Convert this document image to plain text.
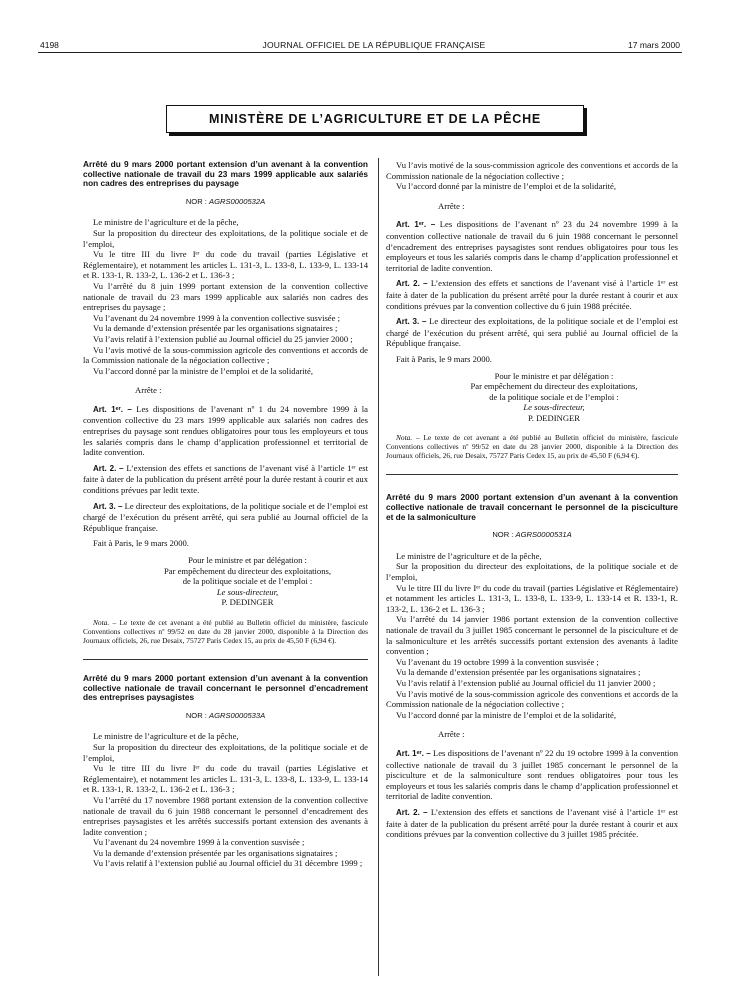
4198	JOURNAL OFFICIEL DE LA RÉPUBLIQUE FRANÇAISE	17 mars 2000
MINISTÈRE DE L’AGRICULTURE ET DE LA PÊCHE
Arrêté du 9 mars 2000 portant extension d’un avenant à la convention collective nationale de travail du 23 mars 1999 applicable aux salariés non cadres des entreprises du paysage
NOR : AGRS0000532A

Le ministre de l’agriculture et de la pêche,

Sur la proposition du directeur des exploitations, de la politique sociale et de l’emploi,

Vu le titre III du livre Iᵉʳ du code du travail (parties Législative et Réglementaire), et notamment les articles L. 131-3, L. 133-8, L. 133-9, L. 133-14 et R. 133-1, R. 133-2, L. 136-2 et L. 136-3 ;

Vu l’arrêté du 8 juin 1999 portant extension de la convention collective nationale de travail du 23 mars 1999 applicable aux salariés non cadres des entreprises du paysage ;

Vu l’avenant du 24 novembre 1999 à la convention collective susvisée ;

Vu la demande d’extension présentée par les organisations signataires ;

Vu l’avis relatif à l’extension publié au Journal officiel du 25 janvier 2000 ;

Vu l’avis motivé de la sous-commission agricole des conventions et accords de la Commission nationale de la négociation collective ;

Vu l’accord donné par la ministre de l’emploi et de la solidarité,

Arrête :

Art. 1ᵉʳ. – Les dispositions de l’avenant nº 1 du 24 novembre 1999 à la convention collective du 23 mars 1999 applicable aux salariés non cadres des entreprises du paysage sont rendues obligatoires pour tous les employeurs et tous les salariés compris dans le champ d’application professionnel et territorial de ladite convention.

Art. 2. – L’extension des effets et sanctions de l’avenant visé à l’article 1ᵉʳ est faite à dater de la publication du présent arrêté pour la durée restant à courir et aux conditions prévues par ledit texte.

Art. 3. – Le directeur des exploitations, de la politique sociale et de l’emploi est chargé de l’exécution du présent arrêté, qui sera publié au Journal officiel de la République française.

Fait à Paris, le 9 mars 2000.

Pour le ministre et par délégation :

Par empêchement du directeur des exploitations,

de la politique sociale et de l’emploi :

Le sous-directeur,

P. DEDINGER

Nota. – Le texte de cet avenant a été publié au Bulletin officiel du ministère, fascicule Conventions collectives nº 99/52 en date du 28 janvier 2000, disponible à la Direction des Journaux officiels, 26, rue Desaix, 75727 Paris Cedex 15, au prix de 45,50 F (6,94 €).

Arrêté du 9 mars 2000 portant extension d’un avenant à la convention collective nationale de travail concernant le personnel d’encadrement des entreprises paysagistes
NOR : AGRS0000533A

Le ministre de l’agriculture et de la pêche,

Sur la proposition du directeur des exploitations, de la politique sociale et de l’emploi,

Vu le titre III du livre Iᵉʳ du code du travail (parties Législative et Réglementaire), et notamment les articles L. 131-3, L. 133-8, L. 133-9, L. 133-14 et R. 133-1, R. 133-2, L. 136-2 et L. 136-3 ;

Vu l’arrêté du 17 novembre 1988 portant extension de la convention collective nationale de travail du 6 juin 1988 concernant le personnel d’encadrement des entreprises paysagistes et les arrêtés successifs portant extension des avenants à ladite convention ;

Vu l’avenant du 24 novembre 1999 à la convention susvisée ;

Vu la demande d’extension présentée par les organisations signataires ;

Vu l’avis relatif à l’extension publié au Journal officiel du 31 décembre 1999 ;

Vu l’avis motivé de la sous-commission agricole des conventions et accords de la Commission nationale de la négociation collective ;

Vu l’accord donné par la ministre de l’emploi et de la solidarité,

Arrête :

Art. 1ᵉʳ. – Les dispositions de l’avenant nº 23 du 24 novembre 1999 à la convention collective nationale de travail du 6 juin 1988 concernant le personnel d’encadrement des entreprises paysagistes sont rendues obligatoires pour tous les employeurs et tous les salariés compris dans le champ d’application professionnel et territorial de ladite convention.

Art. 2. – L’extension des effets et sanctions de l’avenant visé à l’article 1ᵉʳ est faite à dater de la publication du présent arrêté pour la durée restant à courir et aux conditions prévues par la convention collective du 6 juin 1988 précitée.

Art. 3. – Le directeur des exploitations, de la politique sociale et de l’emploi est chargé de l’exécution du présent arrêté, qui sera publié au Journal officiel de la République française.

Fait à Paris, le 9 mars 2000.

Pour le ministre et par délégation :

Par empêchement du directeur des exploitations,

de la politique sociale et de l’emploi :

Le sous-directeur,

P. DEDINGER

Nota. – Le texte de cet avenant a été publié au Bulletin officiel du ministère, fascicule Conventions collectives nº 99/52 en date du 28 janvier 2000, disponible à la Direction des Journaux officiels, 26, rue Desaix, 75727 Paris Cedex 15, au prix de 45,50 F (6,94 €).

Arrêté du 9 mars 2000 portant extension d’un avenant à la convention collective nationale de travail concernant le personnel de la pisciculture et de la salmoniculture
NOR : AGRS0000531A

Le ministre de l’agriculture et de la pêche,

Sur la proposition du directeur des exploitations, de la politique sociale et de l’emploi,

Vu le titre III du livre Iᵉʳ du code du travail (parties Législative et Réglementaire) et notamment les articles L. 131-3, L. 133-8, L. 133-9, L. 133-14 et R. 133-1, R. 133-2, L. 136-2 et L. 136-3 ;

Vu l’arrêté du 14 janvier 1986 portant extension de la convention collective nationale de travail du 3 juillet 1985 concernant le personnel de la pisciculture et de la salmoniculture et les arrêtés successifs portant extension des avenants à ladite convention ;

Vu l’avenant du 19 octobre 1999 à la convention susvisée ;

Vu la demande d’extension présentée par les organisations signataires ;

Vu l’avis relatif à l’extension publié au Journal officiel du 11 janvier 2000 ;

Vu l’avis motivé de la sous-commission agricole des conventions et accords de la Commission nationale de la négociation collective ;

Vu l’accord donné par la ministre de l’emploi et de la solidarité,

Arrête :

Art. 1ᵉʳ. – Les dispositions de l’avenant nº 22 du 19 octobre 1999 à la convention collective nationale de travail du 3 juillet 1985 concernant le personnel de la pisciculture et de la salmoniculture sont rendues obligatoires pour tous les employeurs et tous les salariés compris dans le champ d’application professionnel et territorial de ladite convention.

Art. 2. – L’extension des effets et sanctions de l’avenant visé à l’article 1ᵉʳ est faite à dater de la publication du présent arrêté pour la durée restant à courir et aux conditions prévues par la convention collective du 3 juillet 1985 précitée.
